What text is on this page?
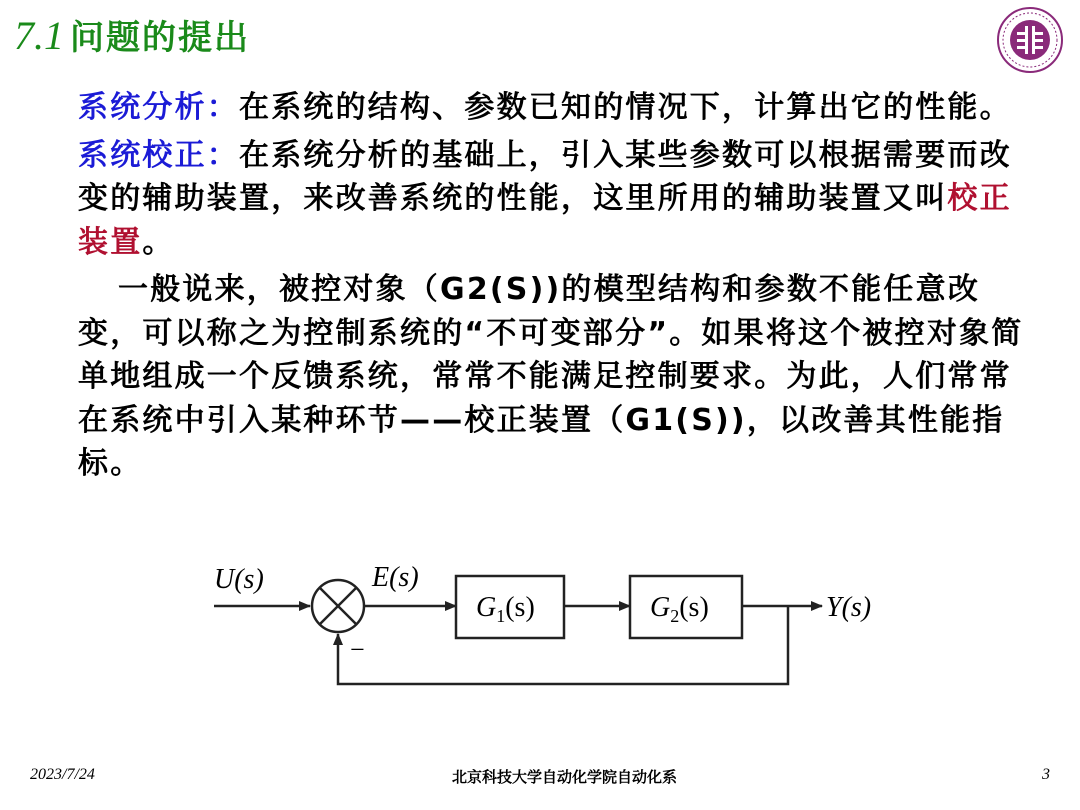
7.1 问题的提出

系统分析：在系统的结构、参数已知的情况下，计算出它的性能。

系统校正：在系统分析的基础上，引入某些参数可以根据需要而改变的辅助装置，来改善系统的性能，这里所用的辅助装置又叫校正装置。

一般说来，被控对象（G2(S))的模型结构和参数不能任意改变，可以称之为控制系统的“不可变部分”。如果将这个被控对象简单地组成一个反馈系统，常常不能满足控制要求。为此，人们常常在系统中引入某种环节——校正装置（G1(S))，以改善其性能指标。

U(s)	E(s)
$G_1(s)$	$G_2(s)$	Y(s)
−
2023/7/24	北京科技大学自动化学院自动化系	3
